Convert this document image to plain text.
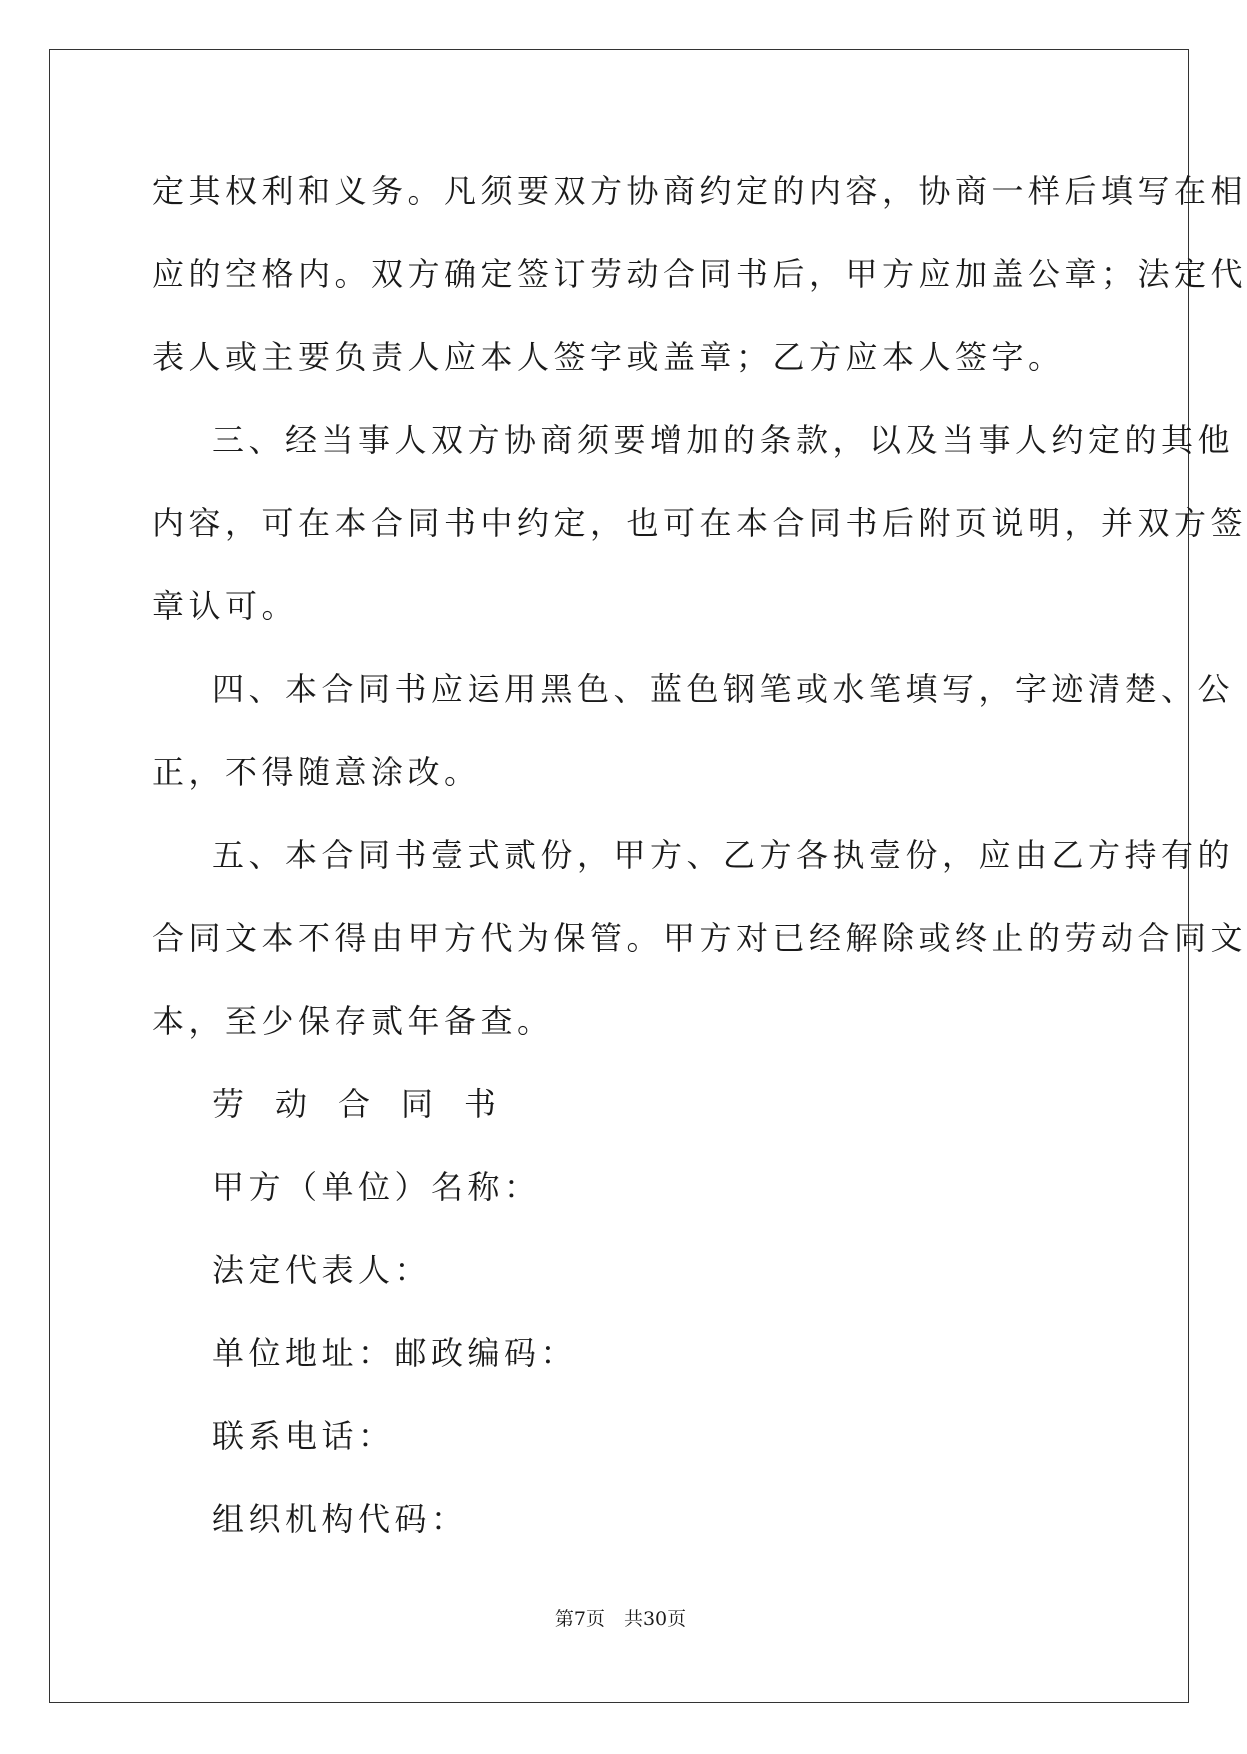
定其权利和义务。凡须要双方协商约定的内容，协商一样后填写在相
应的空格内。双方确定签订劳动合同书后，甲方应加盖公章；法定代
表人或主要负责人应本人签字或盖章；乙方应本人签字。
三、经当事人双方协商须要增加的条款，以及当事人约定的其他
内容，可在本合同书中约定，也可在本合同书后附页说明，并双方签
章认可。
四、本合同书应运用黑色、蓝色钢笔或水笔填写，字迹清楚、公
正，不得随意涂改。
五、本合同书壹式贰份，甲方、乙方各执壹份，应由乙方持有的
合同文本不得由甲方代为保管。甲方对已经解除或终止的劳动合同文
本，至少保存贰年备查。
劳动合同书
甲方（单位）名称：
法定代表人：
单位地址：邮政编码：
联系电话：
组织机构代码：
第7页　共30页
